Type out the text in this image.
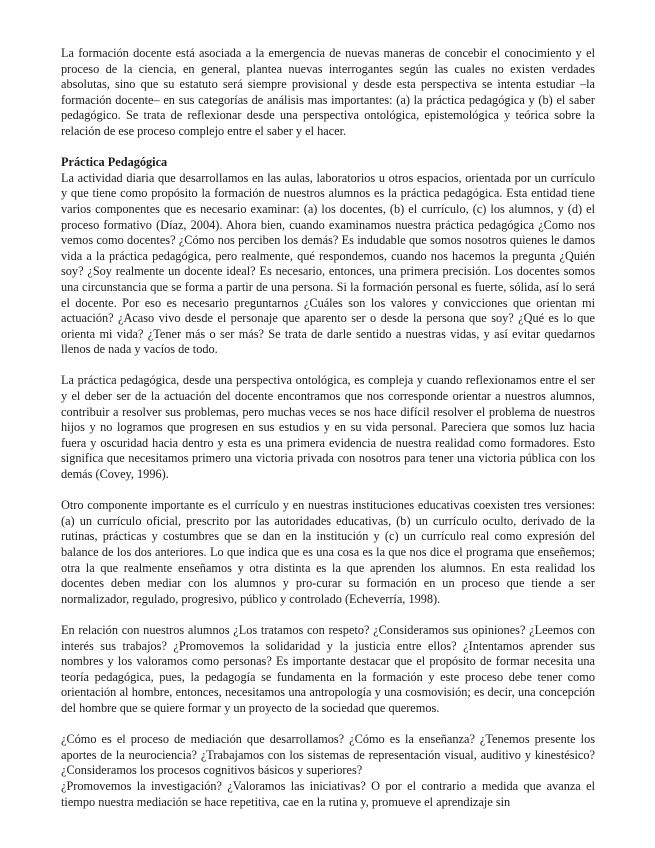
La formación docente está asociada a la emergencia de nuevas maneras de concebir el conocimiento y el proceso de la ciencia, en general, plantea nuevas interrogantes según las cuales no existen verdades absolutas, sino que su estatuto será siempre provisional y desde esta perspectiva se intenta estudiar –la formación docente– en sus categorías de análisis mas importantes: (a) la práctica pedagógica y (b) el saber pedagógico. Se trata de reflexionar desde una perspectiva ontológica, epistemológica y teórica sobre la relación de ese proceso complejo entre el saber y el hacer.

Práctica Pedagógica

La actividad diaria que desarrollamos en las aulas, laboratorios u otros espacios, orientada por un currículo y que tiene como propósito la formación de nuestros alumnos es la práctica pedagógica. Esta entidad tiene varios componentes que es necesario examinar: (a) los docentes, (b) el currículo, (c) los alumnos, y (d) el proceso formativo (Díaz, 2004). Ahora bien, cuando examinamos nuestra práctica pedagógica ¿Como nos vemos como docentes? ¿Cómo nos perciben los demás? Es indudable que somos nosotros quienes le damos vida a la práctica pedagógica, pero realmente, qué respondemos, cuando nos hacemos la pregunta ¿Quién soy? ¿Soy realmente un docente ideal? Es necesario, entonces, una primera precisión. Los docentes somos una circunstancia que se forma a partir de una persona. Si la formación personal es fuerte, sólida, así lo será el docente. Por eso es necesario preguntarnos ¿Cuáles son los valores y convicciones que orientan mi actuación? ¿Acaso vivo desde el personaje que aparento ser o desde la persona que soy? ¿Qué es lo que orienta mi vida? ¿Tener más o ser más? Se trata de darle sentido a nuestras vidas, y así evitar quedarnos llenos de nada y vacíos de todo.

La práctica pedagógica, desde una perspectiva ontológica, es compleja y cuando reflexionamos entre el ser y el deber ser de la actuación del docente encontramos que nos corresponde orientar a nuestros alumnos, contribuir a resolver sus problemas, pero muchas veces se nos hace difícil resolver el problema de nuestros hijos y no logramos que progresen en sus estudios y en su vida personal. Pareciera que somos luz hacia fuera y oscuridad hacia dentro y esta es una primera evidencia de nuestra realidad como formadores. Esto significa que necesitamos primero una victoria privada con nosotros para tener una victoria pública con los demás (Covey, 1996).

Otro componente importante es el currículo y en nuestras instituciones educativas coexisten tres versiones: (a) un currículo oficial, prescrito por las autoridades educativas, (b) un currículo oculto, derivado de la rutinas, prácticas y costumbres que se dan en la institución y (c) un currículo real como expresión del balance de los dos anteriores. Lo que indica que es una cosa es la que nos dice el programa que enseñemos; otra la que realmente enseñamos y otra distinta es la que aprenden los alumnos. En esta realidad los docentes deben mediar con los alumnos y pro-curar su formación en un proceso que tiende a ser normalizador, regulado, progresivo, público y controlado (Echeverría, 1998).

En relación con nuestros alumnos ¿Los tratamos con respeto? ¿Consideramos sus opiniones? ¿Leemos con interés sus trabajos? ¿Promovemos la solidaridad y la justicia entre ellos? ¿Intentamos aprender sus nombres y los valoramos como personas? Es importante destacar que el propósito de formar necesita una teoría pedagógica, pues, la pedagogía se fundamenta en la formación y este proceso debe tener como orientación al hombre, entonces, necesitamos una antropología y una cosmovisión; es decir, una concepción del hombre que se quiere formar y un proyecto de la sociedad que queremos.

¿Cómo es el proceso de mediación que desarrollamos? ¿Cómo es la enseñanza? ¿Tenemos presente los aportes de la neurociencia? ¿Trabajamos con los sistemas de representación visual, auditivo y kinestésico? ¿Consideramos los procesos cognitivos básicos y superiores?

¿Promovemos la investigación? ¿Valoramos las iniciativas? O por el contrario a medida que avanza el tiempo nuestra mediación se hace repetitiva, cae en la rutina y, promueve el aprendizaje sin
